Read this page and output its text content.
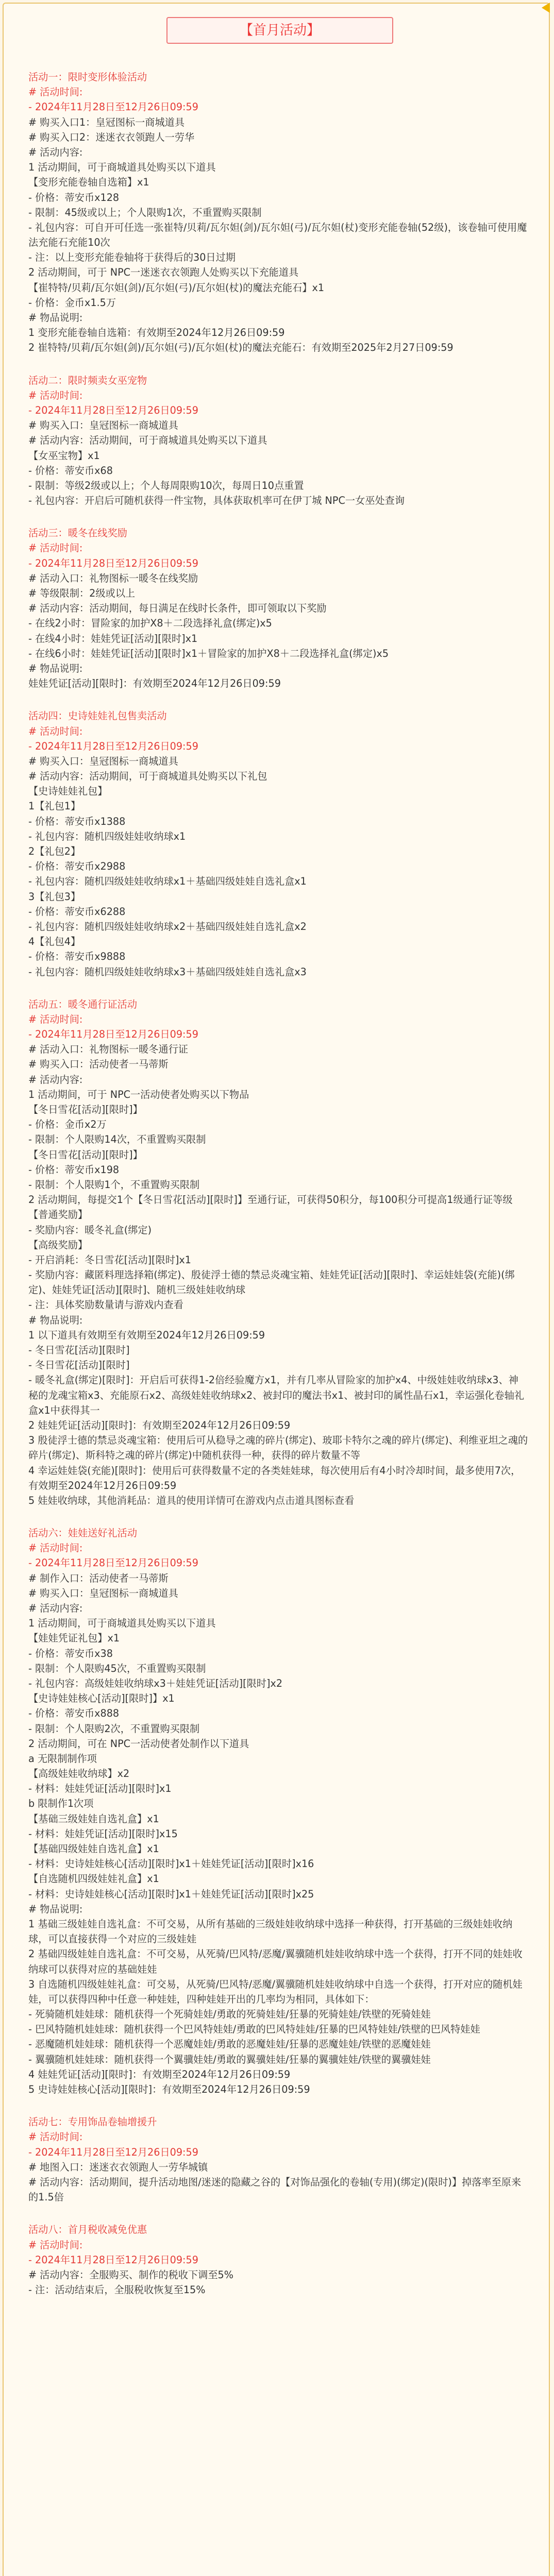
【首月活动】
活动一：限时变形体验活动
# 活动时间:
- 2024年11月28日至12月26日09:59
# 购买入口1：皇冠图标一商城道具
# 购买入口2：迷迷衣衣领跑人一劳华
# 活动内容:
1 活动期间，可于商城道具处购买以下道具
【变形充能卷轴自选箱】x1
- 价格：蒂安币x128
- 限制：45级或以上；个人限购1次，不重置购买限制
- 礼包内容：可自开可任选一张崔特/贝莉/瓦尔妲(剑)/瓦尔妲(弓)/瓦尔妲(杖)变形充能卷轴(52级)，该卷轴可使用魔法充能石充能10次
- 注：以上变形充能卷轴将于获得后的30日过期
2 活动期间，可于 NPC一迷迷衣衣领跑人处购买以下充能道具
【崔特特/贝莉/瓦尔妲(剑)/瓦尔妲(弓)/瓦尔妲(杖)的魔法充能石】x1
- 价格：金币x1.5万
# 物品说明:
1 变形充能卷轴自选箱：有效期至2024年12月26日09:59
2 崔特特/贝莉/瓦尔妲(剑)/瓦尔妲(弓)/瓦尔妲(杖)的魔法充能石：有效期至2025年2月27日09:59
活动二：限时频卖女巫宠物
# 活动时间:
- 2024年11月28日至12月26日09:59
# 购买入口：皇冠图标一商城道具
# 活动内容：活动期间，可于商城道具处购买以下道具
【女巫宝物】x1
- 价格：蒂安币x68
- 限制：等级2级或以上；个人每周限购10次，每周日10点重置
- 礼包内容：开启后可随机获得一件宝物，具体获取机率可在伊丁城 NPC一女巫处查询
活动三：暖冬在线奖励
# 活动时间:
- 2024年11月28日至12月26日09:59
# 活动入口：礼物图标一暖冬在线奖励
# 等级限制：2级或以上
# 活动内容：活动期间，每日满足在线时长条件，即可领取以下奖励
- 在线2小时：冒险家的加护X8＋二段选择礼盒(绑定)x5
- 在线4小时：娃娃凭证[活动][限时]x1
- 在线6小时：娃娃凭证[活动][限时]x1＋冒险家的加护X8＋二段选择礼盒(绑定)x5
# 物品说明:
娃娃凭证[活动][限时]：有效期至2024年12月26日09:59
活动四：史诗娃娃礼包售卖活动
# 活动时间:
- 2024年11月28日至12月26日09:59
# 购买入口：皇冠图标一商城道具
# 活动内容：活动期间，可于商城道具处购买以下礼包
【史诗娃娃礼包】
1【礼包1】
- 价格：蒂安币x1388
- 礼包内容：随机四级娃娃收纳球x1
2【礼包2】
- 价格：蒂安币x2988
- 礼包内容：随机四级娃娃收纳球x1＋基础四级娃娃自选礼盒x1
3【礼包3】
- 价格：蒂安币x6288
- 礼包内容：随机四级娃娃收纳球x2＋基础四级娃娃自选礼盒x2
4【礼包4】
- 价格：蒂安币x9888
- 礼包内容：随机四级娃娃收纳球x3＋基础四级娃娃自选礼盒x3
活动五：暖冬通行证活动
# 活动时间:
- 2024年11月28日至12月26日09:59
# 活动入口：礼物图标一暖冬通行证
# 购买入口：活动使者一马蒂斯
# 活动内容:
1 活动期间，可于 NPC一活动使者处购买以下物品
【冬日雪花[活动][限时]】
- 价格：金币x2万
- 限制：个人限购14次，不重置购买限制
【冬日雪花[活动][限时]】
- 价格：蒂安币x198
- 限制：个人限购1个，不重置购买限制
2 活动期间，每提交1个【冬日雪花[活动][限时]】至通行证，可获得50积分，每100积分可提高1级通行证等级
【普通奖励】
- 奖励内容：暖冬礼盒(绑定)
【高级奖励】
- 开启消耗：冬日雪花[活动][限时]x1
- 奖励内容：藏匿料理选择箱(绑定)、殷徒浮士德的禁忌炎魂宝箱、娃娃凭证[活动][限时]、幸运娃娃袋(充能)(绑定)、娃娃凭证[活动][限时]、随机三级娃娃收纳球
- 注：具体奖励数量请与游戏内查看
# 物品说明:
1 以下道具有效期至有效期至2024年12月26日09:59
- 冬日雪花[活动][限时]
- 冬日雪花[活动][限时]
- 暖冬礼盒(绑定)[限时]：开启后可获得1-2倍经验魔方x1，并有几率从冒险家的加护x4、中级娃娃收纳球x3、神秘的龙魂宝箱x3、充能原石x2、高级娃娃收纳球x2、被封印的魔法书x1、被封印的属性晶石x1，幸运强化卷轴礼盒x1中获得其一
2 娃娃凭证[活动][限时]：有效期至2024年12月26日09:59
3 殷徒浮士德的禁忌炎魂宝箱：使用后可从稳导之魂的碎片(绑定)、玻耶卡特尔之魂的碎片(绑定)、利维亚坦之魂的碎片(绑定)、斯科特之魂的碎片(绑定)中随机获得一种，获得的碎片数量不等
4 幸运娃娃袋(充能)[限时]：使用后可获得数量不定的各类娃娃球，每次使用后有4小时冷却时间，最多使用7次，有效期至2024年12月26日09:59
5 娃娃收纳球，其他消耗品：道具的使用详情可在游戏内点击道具图标查看
活动六：娃娃送好礼活动
# 活动时间:
- 2024年11月28日至12月26日09:59
# 制作入口：活动使者一马蒂斯
# 购买入口：皇冠图标一商城道具
# 活动内容:
1 活动期间，可于商城道具处购买以下道具
【娃娃凭证礼包】x1
- 价格：蒂安币x38
- 限制：个人限购45次，不重置购买限制
- 礼包内容：高级娃娃收纳球x3＋娃娃凭证[活动][限时]x2
【史诗娃娃核心[活动][限时]】x1
- 价格：蒂安币x888
- 限制：个人限购2次，不重置购买限制
2 活动期间，可在 NPC一活动使者处制作以下道具
a 无限制制作项
【高级娃娃收纳球】x2
- 材料：娃娃凭证[活动][限时]x1
b 限制作1次项
【基础三级娃娃自选礼盒】x1
- 材料：娃娃凭证[活动][限时]x15
【基础四级娃娃自选礼盒】x1
- 材料：史诗娃娃核心[活动][限时]x1＋娃娃凭证[活动][限时]x16
【自选随机四级娃娃礼盒】x1
- 材料：史诗娃娃核心[活动][限时]x1＋娃娃凭证[活动][限时]x25
# 物品说明:
1 基础三级娃娃自选礼盒：不可交易，从所有基础的三级娃娃收纳球中选择一种获得，打开基础的三级娃娃收纳球，可以直接获得一个对应的三级娃娃
2 基础四级娃娃自选礼盒：不可交易，从死骑/巴风特/恶魔/翼骥随机娃娃收纳球中选一个获得，打开不同的娃娃收纳球可以获得对应的基础娃娃
3 自选随机四级娃娃礼盒：可交易，从死骑/巴风特/恶魔/翼骥随机娃娃收纳球中自选一个获得，打开对应的随机娃娃，可以获得四种中任意一种娃娃，四种娃娃开出的几率均为相同，具体如下：
- 死骑随机娃娃球：随机获得一个死骑娃娃/勇敢的死骑娃娃/狂暴的死骑娃娃/铁壁的死骑娃娃
- 巴风特随机娃娃球：随机获得一个巴风特娃娃/勇敢的巴风特娃娃/狂暴的巴风特娃娃/铁壁的巴风特娃娃
- 恶魔随机娃娃球：随机获得一个恶魔娃娃/勇敢的恶魔娃娃/狂暴的恶魔娃娃/铁壁的恶魔娃娃
- 翼骥随机娃娃球：随机获得一个翼骥娃娃/勇敢的翼骥娃娃/狂暴的翼骥娃娃/铁壁的翼骥娃娃
4 娃娃凭证[活动][限时]：有效期至2024年12月26日09:59
5 史诗娃娃核心[活动][限时]：有效期至2024年12月26日09:59
活动七：专用饰品卷轴增援升
# 活动时间:
- 2024年11月28日至12月26日09:59
# 地图入口：迷迷衣衣领跑人一劳华城镇
# 活动内容：活动期间，提升活动地图/迷迷的隐藏之谷的【对饰品强化的卷轴(专用)(绑定)(限时)】掉落率至原来的1.5倍
活动八：首月税收减免优惠
# 活动时间:
- 2024年11月28日至12月26日09:59
# 活动内容：全服购买、制作的税收下调至5%
- 注：活动结束后，全服税收恢复至15%
